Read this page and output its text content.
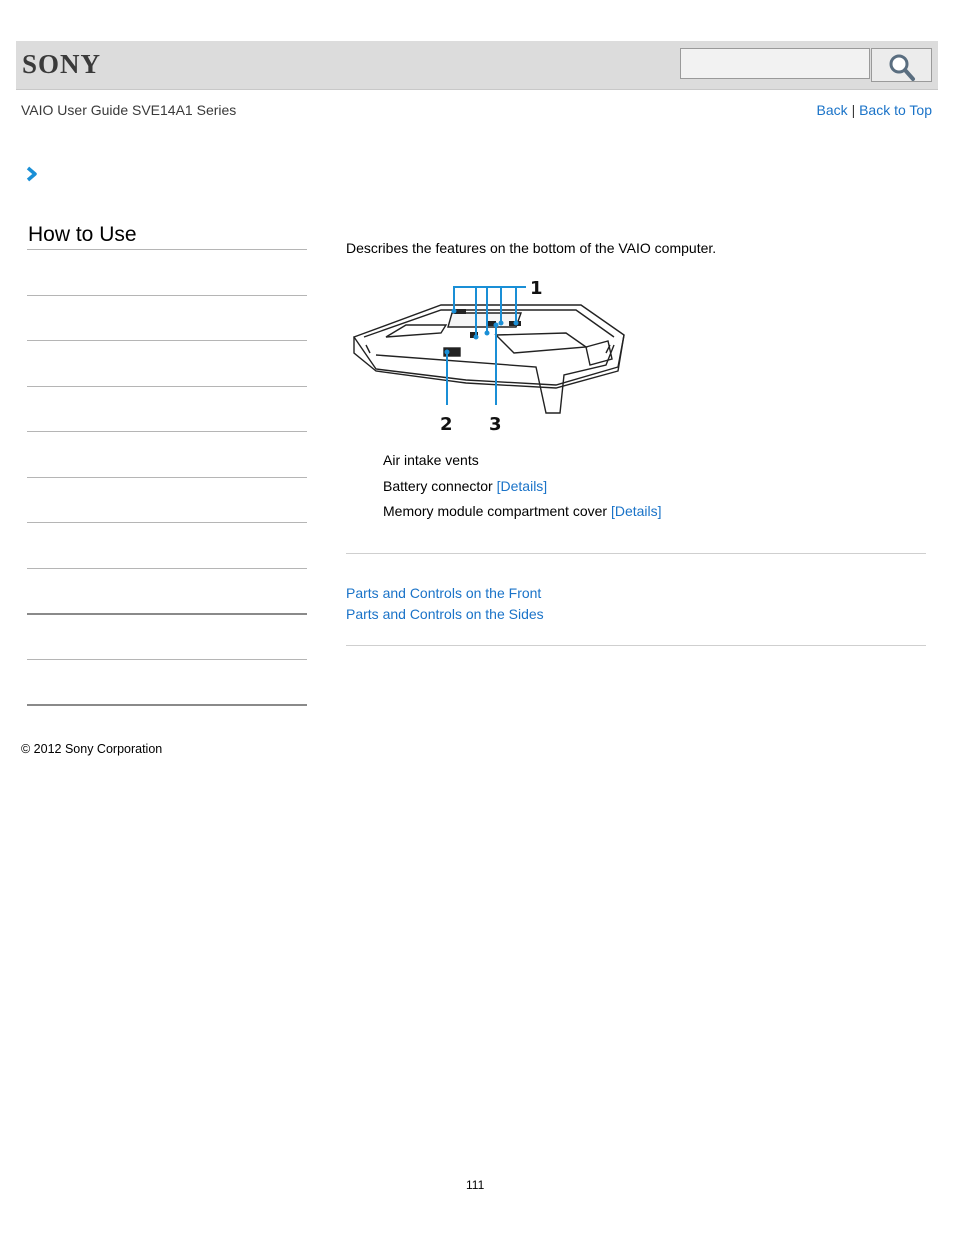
SONY
VAIO User Guide SVE14A1 Series	Back | Back to Top
How to Use
Describes the features on the bottom of the VAIO computer.
1
2 3
Air intake vents
Battery connector [Details]
Memory module compartment cover [Details]
Parts and Controls on the Front
Parts and Controls on the Sides
© 2012 Sony Corporation
111
